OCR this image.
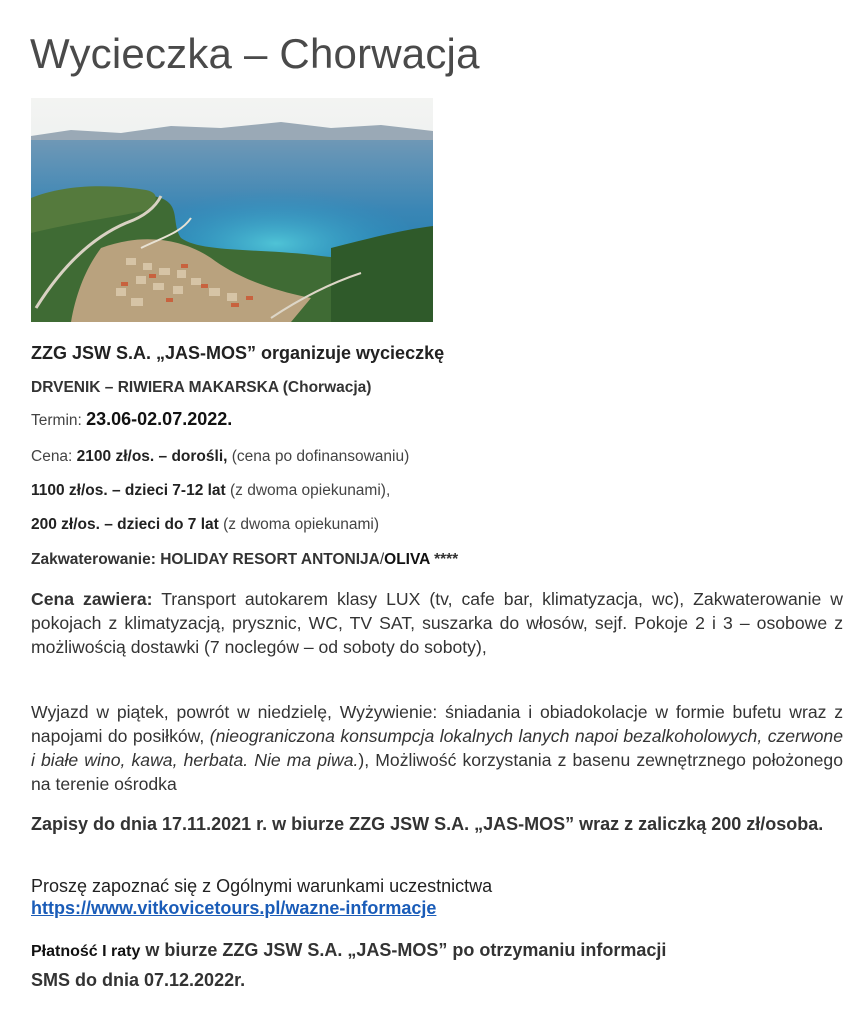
Wycieczka – Chorwacja

ZZG JSW S.A. „JAS-MOS” organizuje wycieczkę

DRVENIK – RIWIERA MAKARSKA (Chorwacja)

Termin: 23.06-02.07.2022.

Cena: 2100 zł/os. – dorośli, (cena po dofinansowaniu)

1100 zł/os. – dzieci 7-12 lat (z dwoma opiekunami),

200 zł/os. – dzieci do 7 lat (z dwoma opiekunami)

Zakwaterowanie: HOLIDAY RESORT ANTONIJA/OLIVA ****

Cena zawiera: Transport autokarem klasy LUX (tv, cafe bar, klimatyzacja, wc), Zakwaterowanie w pokojach z klimatyzacją, prysznic, WC, TV SAT, suszarka do włosów, sejf. Pokoje 2 i 3 – osobowe z możliwością dostawki (7 noclegów – od soboty do soboty),

Wyjazd w piątek, powrót w niedzielę, Wyżywienie: śniadania i obiadokolacje w formie bufetu wraz z napojami do posiłków, (nieograniczona konsumpcja lokalnych lanych napoi bezalkoholowych, czerwone i białe wino, kawa, herbata. Nie ma piwa.), Możliwość korzystania z basenu zewnętrznego położonego na terenie ośrodka

Zapisy do dnia 17.11.2021 r. w biurze ZZG JSW S.A. „JAS-MOS” wraz z zaliczką 200 zł/osoba.

Proszę zapoznać się z Ogólnymi warunkami uczestnictwa
https://www.vitkovicetours.pl/wazne-informacje
Płatność I raty w biurze ZZG JSW S.A. „JAS-MOS” po otrzymaniu informacji
SMS do dnia 07.12.2022r.
